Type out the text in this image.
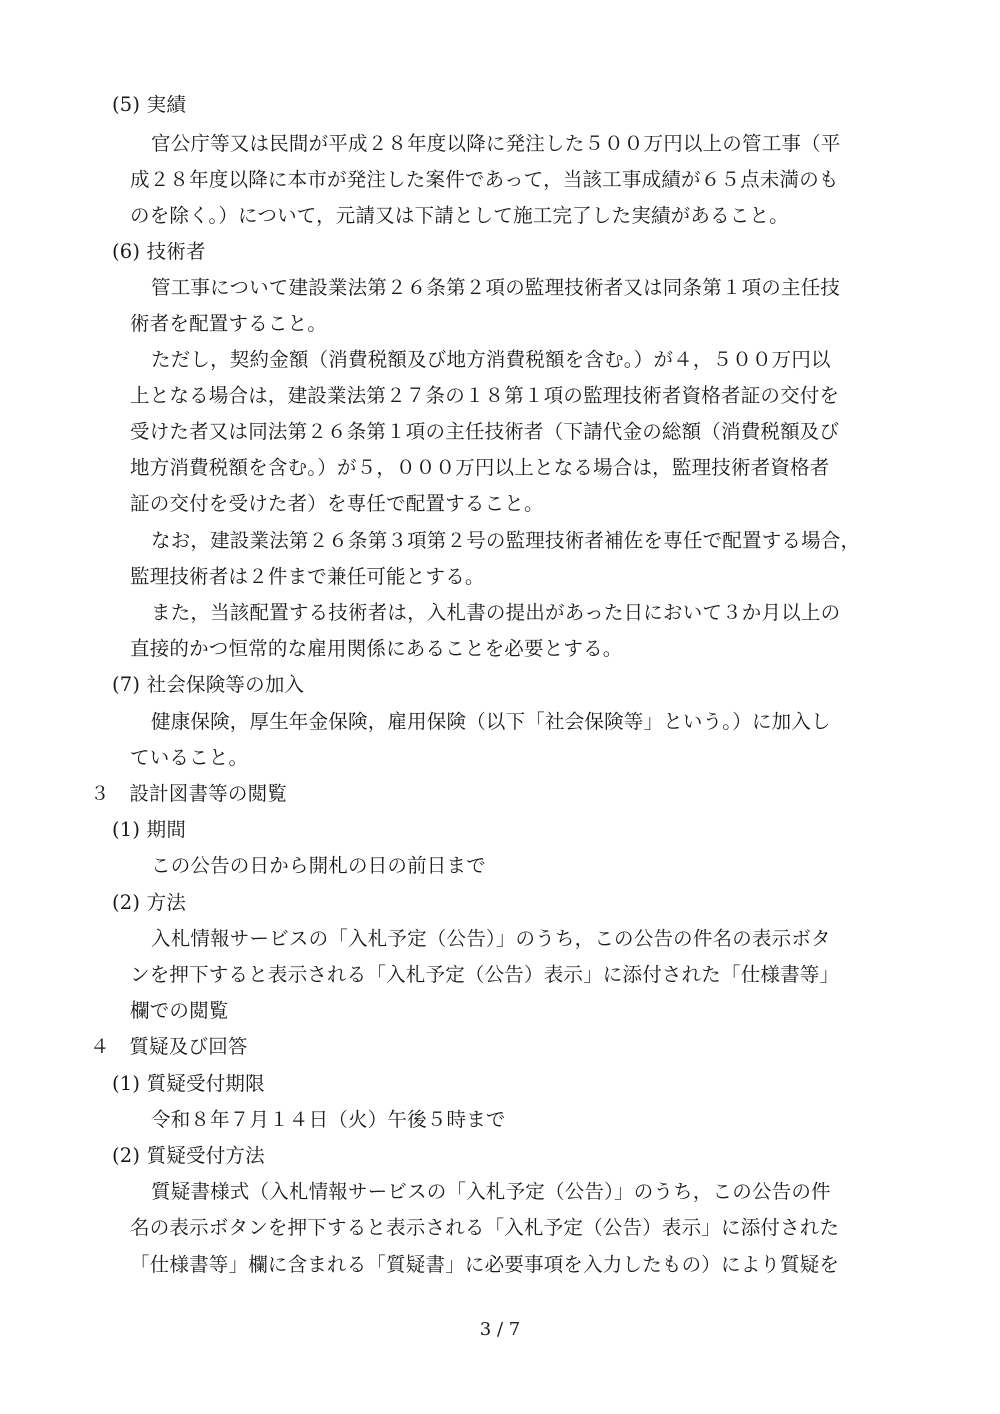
(5) 実績
官公庁等又は民間が平成２８年度以降に発注した５００万円以上の管工事（平
成２８年度以降に本市が発注した案件であって，当該工事成績が６５点未満のも
のを除く。）について，元請又は下請として施工完了した実績があること。
(6) 技術者
管工事について建設業法第２６条第２項の監理技術者又は同条第１項の主任技
術者を配置すること。
ただし，契約金額（消費税額及び地方消費税額を含む。）が４，５００万円以
上となる場合は，建設業法第２７条の１８第１項の監理技術者資格者証の交付を
受けた者又は同法第２６条第１項の主任技術者（下請代金の総額（消費税額及び
地方消費税額を含む。）が５，０００万円以上となる場合は，監理技術者資格者
証の交付を受けた者）を専任で配置すること。
なお，建設業法第２６条第３項第２号の監理技術者補佐を専任で配置する場合，
監理技術者は２件まで兼任可能とする。
また，当該配置する技術者は，入札書の提出があった日において３か月以上の
直接的かつ恒常的な雇用関係にあることを必要とする。
(7) 社会保険等の加入
健康保険，厚生年金保険，雇用保険（以下「社会保険等」という。）に加入し
ていること。
３　設計図書等の閲覧
(1) 期間
この公告の日から開札の日の前日まで
(2) 方法
入札情報サービスの「入札予定（公告）」のうち，この公告の件名の表示ボタ
ンを押下すると表示される「入札予定（公告）表示」に添付された「仕様書等」
欄での閲覧
４　質疑及び回答
(1) 質疑受付期限
令和８年７月１４日（火）午後５時まで
(2) 質疑受付方法
質疑書様式（入札情報サービスの「入札予定（公告）」のうち，この公告の件
名の表示ボタンを押下すると表示される「入札予定（公告）表示」に添付された
「仕様書等」欄に含まれる「質疑書」に必要事項を入力したもの）により質疑を
3 / 7
